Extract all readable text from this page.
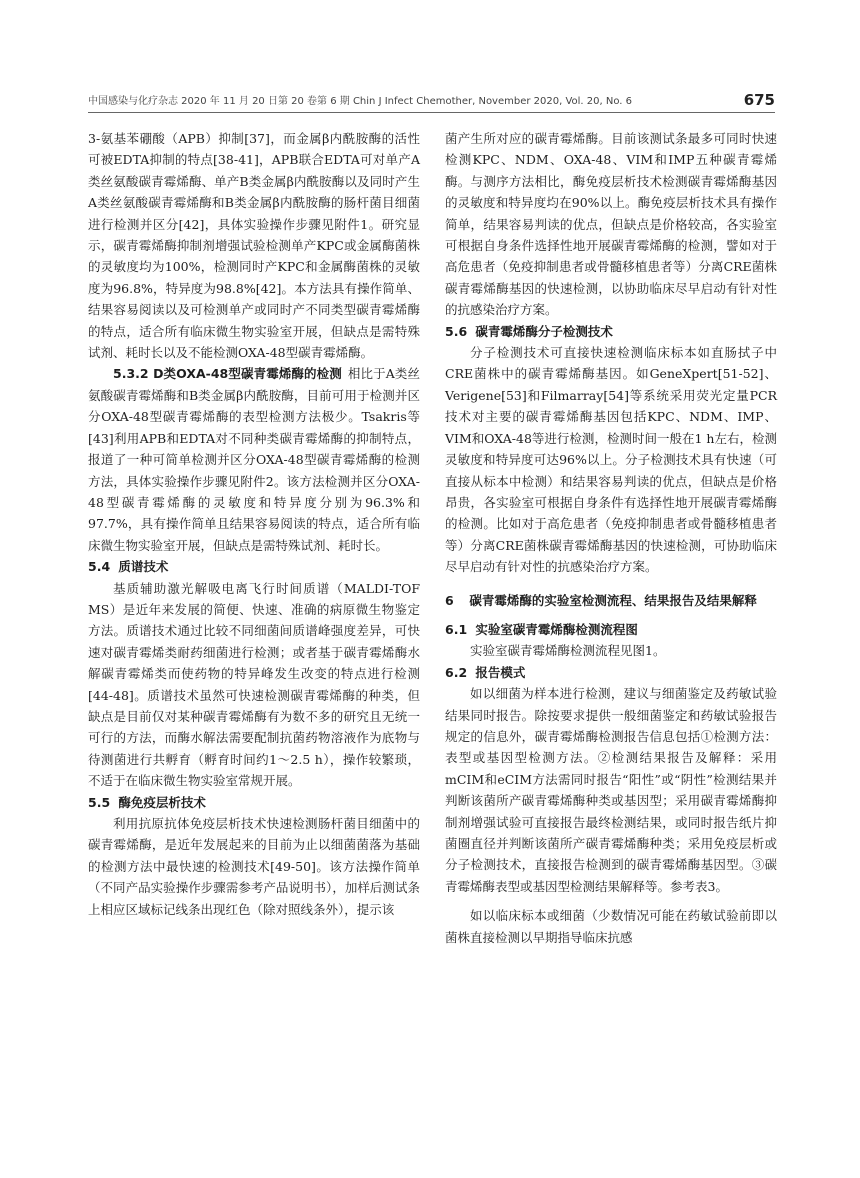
中国感染与化疗杂志 2020 年 11 月 20 日第 20 卷第 6 期 Chin J Infect Chemother, November 2020, Vol. 20, No. 6	675

3-氨基苯硼酸（APB）抑制[37]，而金属β内酰胺酶的活性可被EDTA抑制的特点[38-41]，APB联合EDTA可对单产A类丝氨酸碳青霉烯酶、单产B类金属β内酰胺酶以及同时产生A类丝氨酸碳青霉烯酶和B类金属β内酰胺酶的肠杆菌目细菌进行检测并区分[42]，具体实验操作步骤见附件1。研究显示，碳青霉烯酶抑制剂增强试验检测单产KPC或金属酶菌株的灵敏度均为100%，检测同时产KPC和金属酶菌株的灵敏度为96.8%，特异度为98.8%[42]。本方法具有操作简单、结果容易阅读以及可检测单产或同时产不同类型碳青霉烯酶的特点，适合所有临床微生物实验室开展，但缺点是需特殊试剂、耗时长以及不能检测OXA-48型碳青霉烯酶。

5.3.2 D类OXA-48型碳青霉烯酶的检测 相比于A类丝氨酸碳青霉烯酶和B类金属β内酰胺酶，目前可用于检测并区分OXA-48型碳青霉烯酶的表型检测方法极少。Tsakris等[43]利用APB和EDTA对不同种类碳青霉烯酶的抑制特点，报道了一种可简单检测并区分OXA-48型碳青霉烯酶的检测方法，具体实验操作步骤见附件2。该方法检测并区分OXA-48型碳青霉烯酶的灵敏度和特异度分别为96.3%和97.7%，具有操作简单且结果容易阅读的特点，适合所有临床微生物实验室开展，但缺点是需特殊试剂、耗时长。

5.4 质谱技术

基质辅助激光解吸电离飞行时间质谱（MALDI-TOF MS）是近年来发展的简便、快速、准确的病原微生物鉴定方法。质谱技术通过比较不同细菌间质谱峰强度差异，可快速对碳青霉烯类耐药细菌进行检测；或者基于碳青霉烯酶水解碳青霉烯类而使药物的特异峰发生改变的特点进行检测[44-48]。质谱技术虽然可快速检测碳青霉烯酶的种类，但缺点是目前仅对某种碳青霉烯酶有为数不多的研究且无统一可行的方法，而酶水解法需要配制抗菌药物溶液作为底物与待测菌进行共孵育（孵育时间约1～2.5 h），操作较繁琐，不适于在临床微生物实验室常规开展。

5.5 酶免疫层析技术

利用抗原抗体免疫层析技术快速检测肠杆菌目细菌中的碳青霉烯酶，是近年发展起来的目前为止以细菌菌落为基础的检测方法中最快速的检测技术[49-50]。该方法操作简单（不同产品实验操作步骤需参考产品说明书），加样后测试条上相应区域标记线条出现红色（除对照线条外），提示该

菌产生所对应的碳青霉烯酶。目前该测试条最多可同时快速检测KPC、NDM、OXA-48、VIM和IMP五种碳青霉烯酶。与测序方法相比，酶免疫层析技术检测碳青霉烯酶基因的灵敏度和特异度均在90%以上。酶免疫层析技术具有操作简单，结果容易判读的优点，但缺点是价格较高，各实验室可根据自身条件选择性地开展碳青霉烯酶的检测，譬如对于高危患者（免疫抑制患者或骨髓移植患者等）分离CRE菌株碳青霉烯酶基因的快速检测，以协助临床尽早启动有针对性的抗感染治疗方案。

5.6 碳青霉烯酶分子检测技术

分子检测技术可直接快速检测临床标本如直肠拭子中CRE菌株中的碳青霉烯酶基因。如GeneXpert[51-52]、Verigene[53]和Filmarray[54]等系统采用荧光定量PCR技术对主要的碳青霉烯酶基因包括KPC、NDM、IMP、VIM和OXA-48等进行检测，检测时间一般在1 h左右，检测灵敏度和特异度可达96%以上。分子检测技术具有快速（可直接从标本中检测）和结果容易判读的优点，但缺点是价格昂贵，各实验室可根据自身条件有选择性地开展碳青霉烯酶的检测。比如对于高危患者（免疫抑制患者或骨髓移植患者等）分离CRE菌株碳青霉烯酶基因的快速检测，可协助临床尽早启动有针对性的抗感染治疗方案。

6 碳青霉烯酶的实验室检测流程、结果报告及结果解释
6.1 实验室碳青霉烯酶检测流程图

实验室碳青霉烯酶检测流程见图1。

6.2 报告模式

如以细菌为样本进行检测，建议与细菌鉴定及药敏试验结果同时报告。除按要求提供一般细菌鉴定和药敏试验报告规定的信息外，碳青霉烯酶检测报告信息包括①检测方法：表型或基因型检测方法。②检测结果报告及解释：采用mCIM和eCIM方法需同时报告“阳性”或“阴性”检测结果并判断该菌所产碳青霉烯酶种类或基因型；采用碳青霉烯酶抑制剂增强试验可直接报告最终检测结果，或同时报告纸片抑菌圈直径并判断该菌所产碳青霉烯酶种类；采用免疫层析或分子检测技术，直接报告检测到的碳青霉烯酶基因型。③碳青霉烯酶表型或基因型检测结果解释等。参考表3。

如以临床标本或细菌（少数情况可能在药敏试验前即以菌株直接检测以早期指导临床抗感
